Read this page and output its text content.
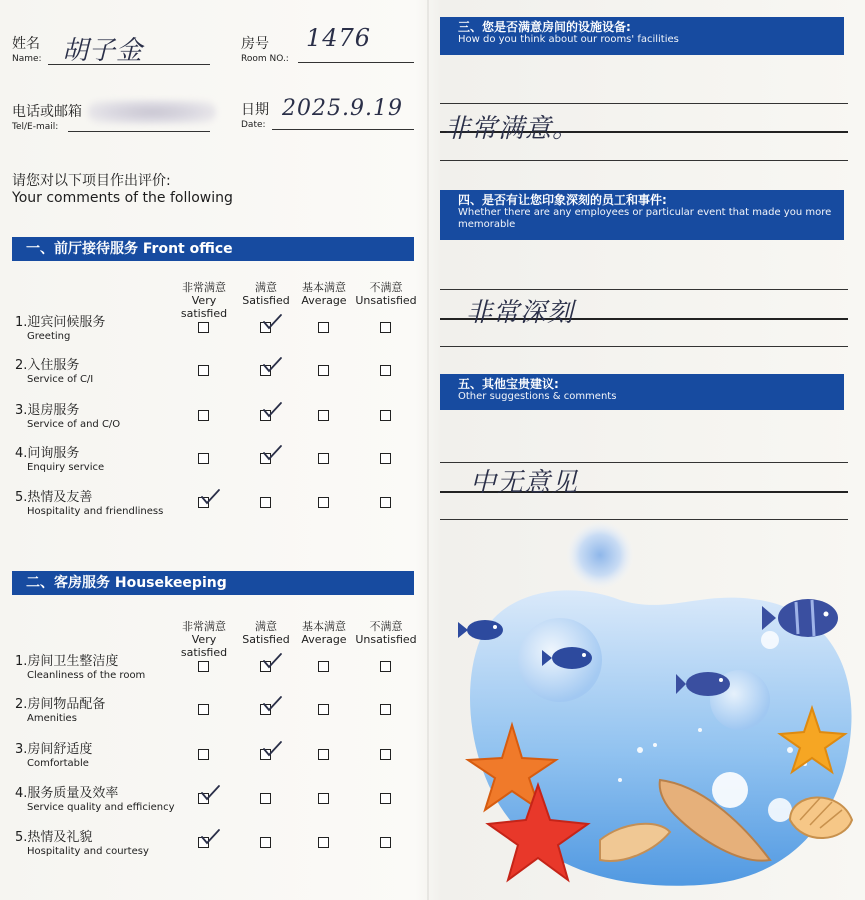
姓名
Name: 胡子金	房号
Room NO.:
1476
电话或邮箱
Tel/E-mail:
日期
Date:
2025.9.19
请您对以下项目作出评价:
Your comments of the following
一、前厅接待服务 Front office
非常满意
Very satisfied
满意
Satisfied
基本满意
Average
不满意
Unsatisfied
1.迎宾问候服务
Greeting
2.入住服务
Service of C/I
3.退房服务
Service of and C/O
4.问询服务
Enquiry service
5.热情及友善
Hospitality and friendliness
二、客房服务 Housekeeping
非常满意
Very satisfied
满意
Satisfied
基本满意
Average
不满意
Unsatisfied
1.房间卫生整洁度
Cleanliness of the room
2.房间物品配备
Amenities
3.房间舒适度
Comfortable
4.服务质量及效率
Service quality and efficiency
5.热情及礼貌
Hospitality and courtesy
三、您是否满意房间的设施设备:
How do you think about our rooms' facilities
非常满意。
四、是否有让您印象深刻的员工和事件:
Whether there are any employees or particular event that made you more memorable
非常深刻
五、其他宝贵建议:
Other suggestions & comments
中无意见
